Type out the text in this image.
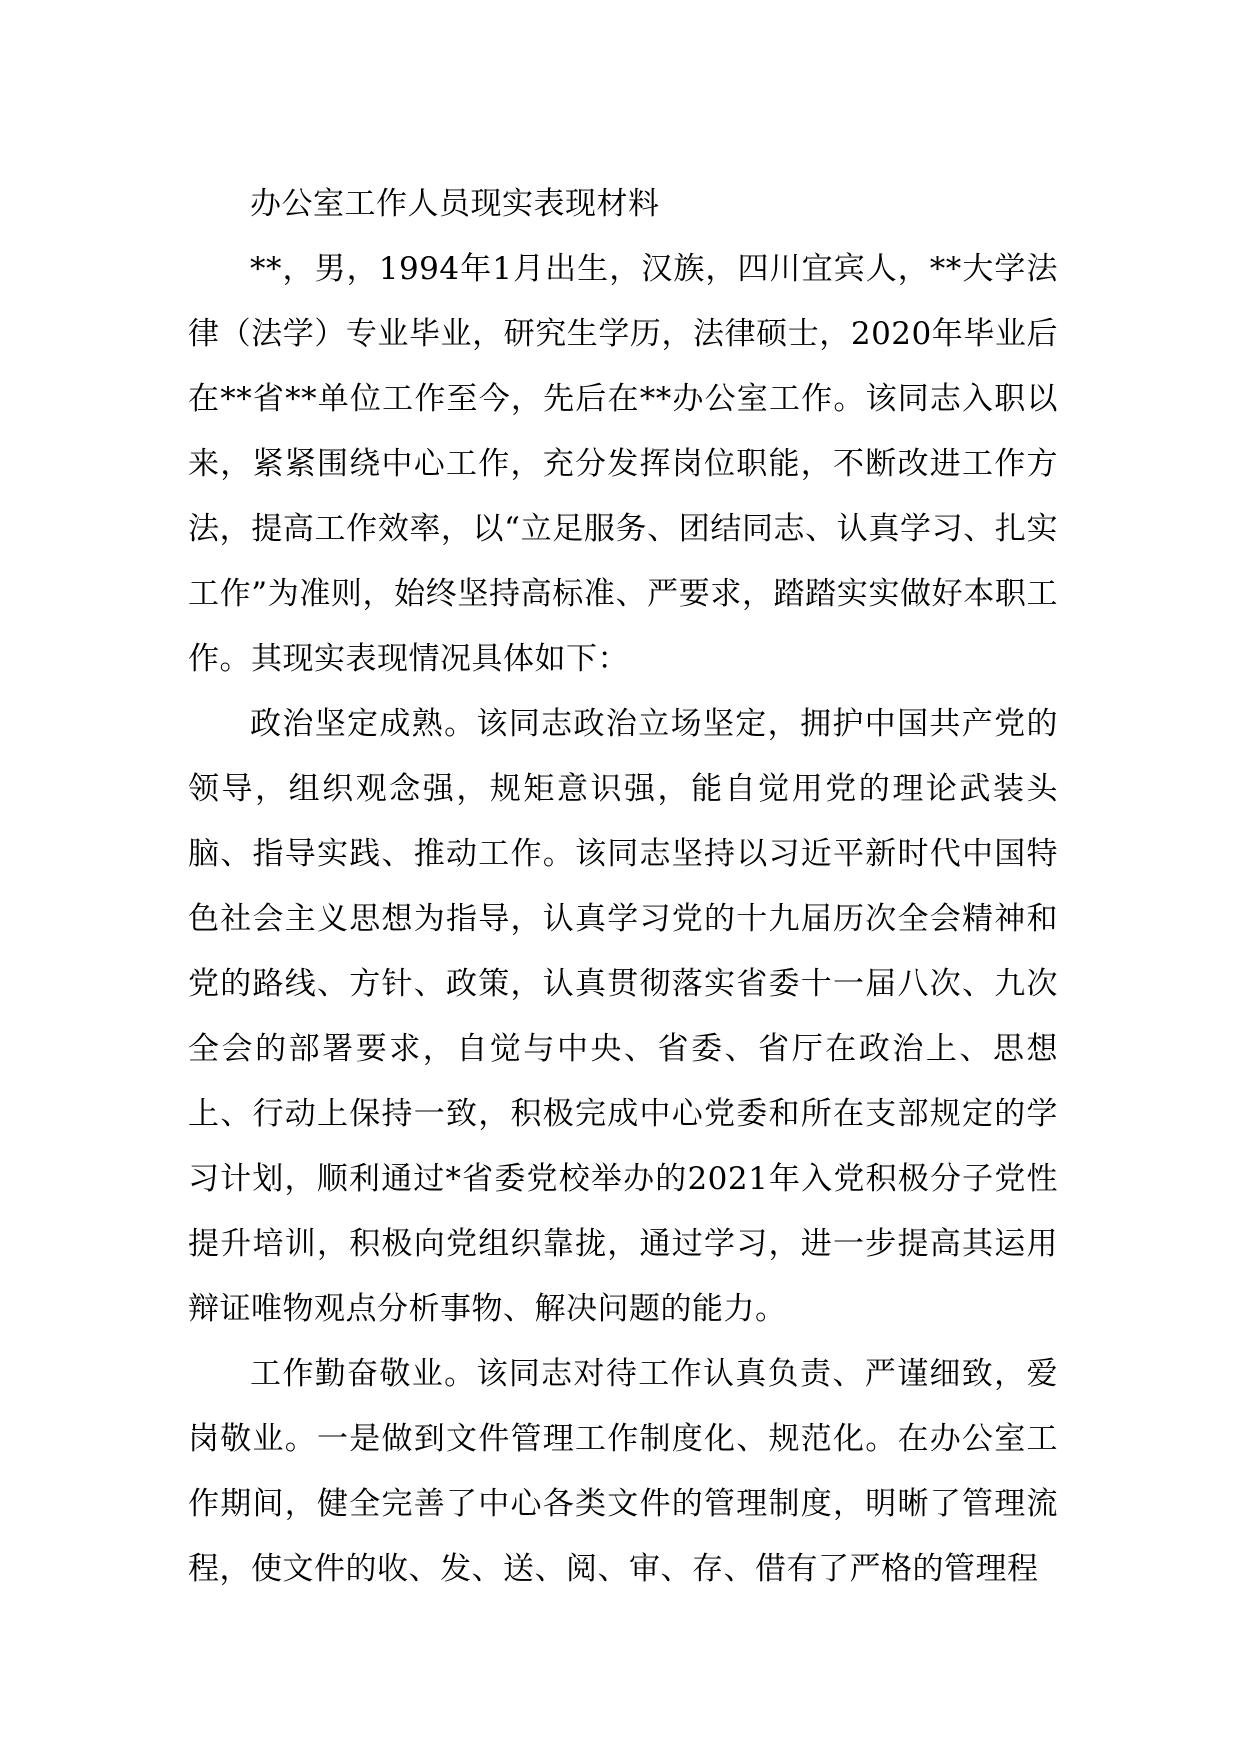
办公室工作人员现实表现材料

**，男，1994年1月出生，汉族，四川宜宾人，**大学法律（法学）专业毕业，研究生学历，法律硕士，2020年毕业后在**省**单位工作至今，先后在**办公室工作。该同志入职以来，紧紧围绕中心工作，充分发挥岗位职能，不断改进工作方法，提高工作效率，以“立足服务、团结同志、认真学习、扎实工作”为准则，始终坚持高标准、严要求，踏踏实实做好本职工作。其现实表现情况具体如下：

政治坚定成熟。该同志政治立场坚定，拥护中国共产党的领导，组织观念强，规矩意识强，能自觉用党的理论武装头脑、指导实践、推动工作。该同志坚持以习近平新时代中国特色社会主义思想为指导，认真学习党的十九届历次全会精神和党的路线、方针、政策，认真贯彻落实省委十一届八次、九次全会的部署要求，自觉与中央、省委、省厅在政治上、思想上、行动上保持一致，积极完成中心党委和所在支部规定的学习计划，顺利通过*省委党校举办的2021年入党积极分子党性提升培训，积极向党组织靠拢，通过学习，进一步提高其运用辩证唯物观点分析事物、解决问题的能力。

工作勤奋敬业。该同志对待工作认真负责、严谨细致，爱岗敬业。一是做到文件管理工作制度化、规范化。在办公室工作期间，健全完善了中心各类文件的管理制度，明晰了管理流程，使文件的收、发、送、阅、审、存、借有了严格的管理程
